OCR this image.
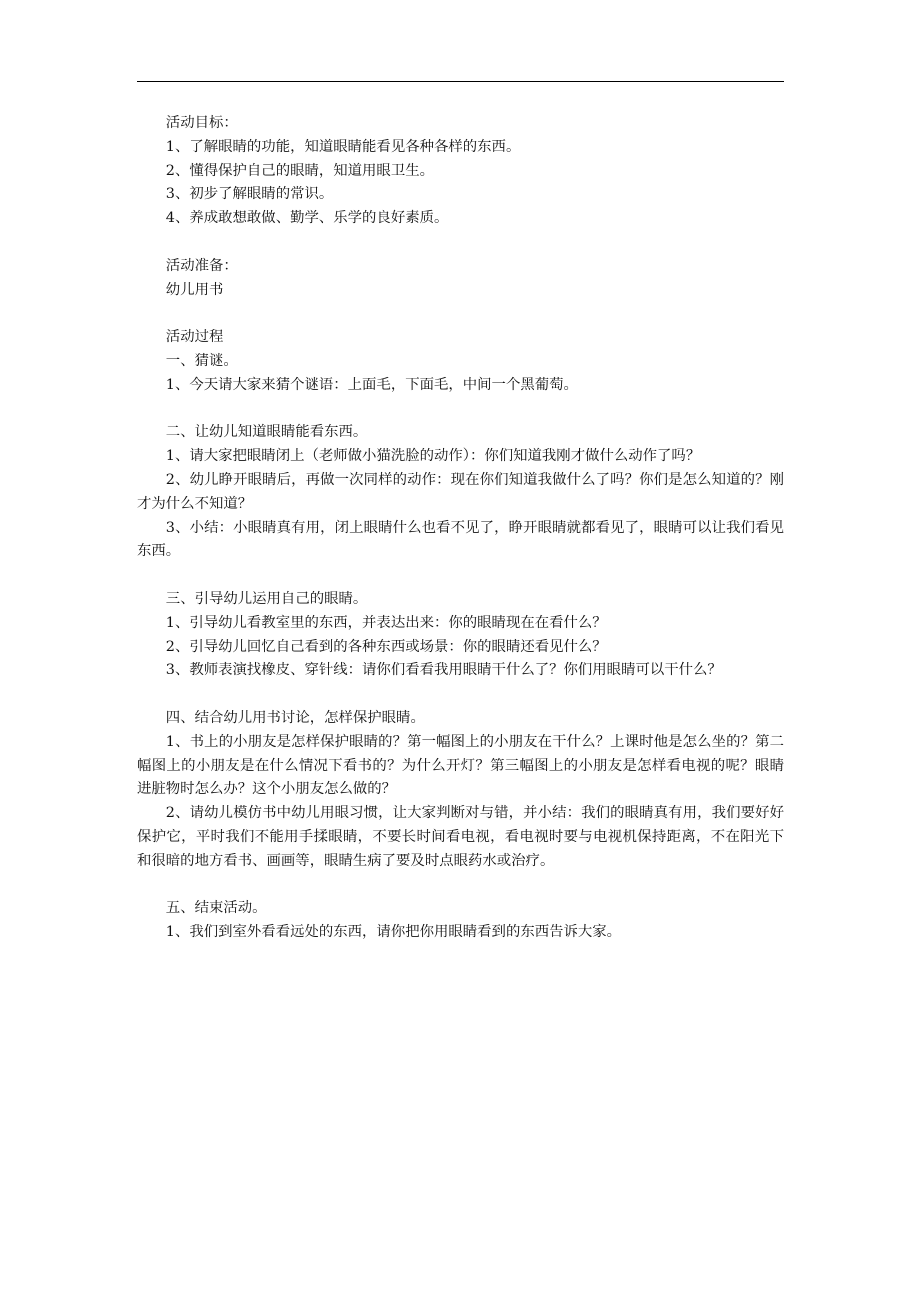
活动目标：

1、了解眼睛的功能，知道眼睛能看见各种各样的东西。

2、懂得保护自己的眼睛，知道用眼卫生。

3、初步了解眼睛的常识。

4、养成敢想敢做、勤学、乐学的良好素质。

活动准备：

幼儿用书

活动过程

一、猜谜。

1、今天请大家来猜个谜语：上面毛，下面毛，中间一个黑葡萄。

二、让幼儿知道眼睛能看东西。

1、请大家把眼睛闭上（老师做小猫洗脸的动作）：你们知道我刚才做什么动作了吗？

2、幼儿睁开眼睛后，再做一次同样的动作：现在你们知道我做什么了吗？你们是怎么知道的？刚才为什么不知道？

3、小结：小眼睛真有用，闭上眼睛什么也看不见了，睁开眼睛就都看见了，眼睛可以让我们看见东西。

三、引导幼儿运用自己的眼睛。

1、引导幼儿看教室里的东西，并表达出来：你的眼睛现在在看什么？

2、引导幼儿回忆自己看到的各种东西或场景：你的眼睛还看见什么？

3、教师表演找橡皮、穿针线：请你们看看我用眼睛干什么了？你们用眼睛可以干什么？

四、结合幼儿用书讨论，怎样保护眼睛。

1、书上的小朋友是怎样保护眼睛的？第一幅图上的小朋友在干什么？上课时他是怎么坐的？第二幅图上的小朋友是在什么情况下看书的？为什么开灯？第三幅图上的小朋友是怎样看电视的呢？眼睛进脏物时怎么办？这个小朋友怎么做的？

2、请幼儿模仿书中幼儿用眼习惯，让大家判断对与错，并小结：我们的眼睛真有用，我们要好好保护它，平时我们不能用手揉眼睛，不要长时间看电视，看电视时要与电视机保持距离，不在阳光下和很暗的地方看书、画画等，眼睛生病了要及时点眼药水或治疗。

五、结束活动。

1、我们到室外看看远处的东西，请你把你用眼睛看到的东西告诉大家。
